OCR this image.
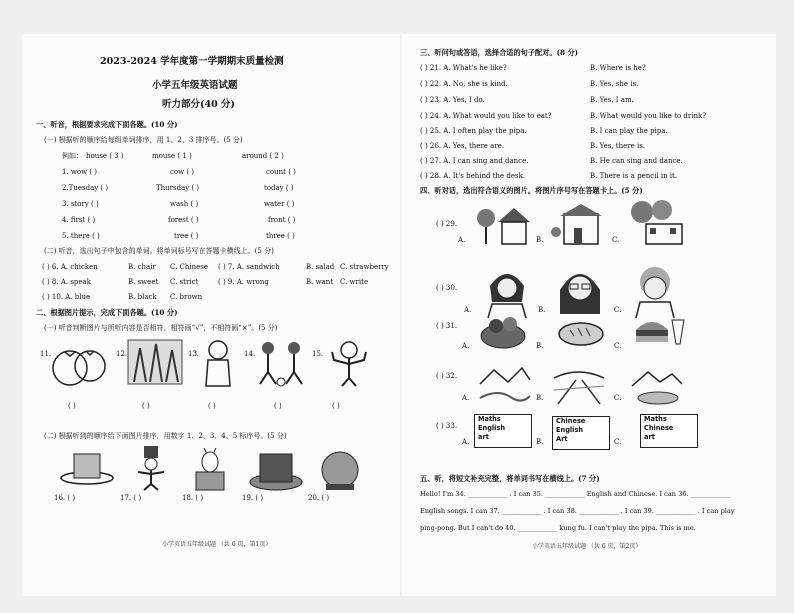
2023-2024 学年度第一学期期末质量检测
小学五年级英语试题
听力部分(40 分)
一、听音，根据要求完成下面各题。(10 分)
(一) 根据听的顺序给每组单词排序，用 1、2、3 排序号。(5 分)
例如： house ( 3 )	mouse ( 1 )	around ( 2 )
1. wow ( )	cow ( )	count ( )
2.Tuesday ( )	Thursday ( )	today ( )
3. story ( )	wash ( )	water ( )
4. first ( )	forest ( )	front ( )
5. there ( )	tree ( )	three ( )
(二) 听音，选出句子中包含的单词。将单词标号写在答题卡横线上。(5 分)
( ) 6. A. chicken	B. chair C. Chinese ( ) 7. A. sandwich	B. salad C. strawberry
( ) 8. A. speak	B. sweet C. strict	( ) 9. A. wrong	B. want C. write
( ) 10. A. blue	B. black C. brown
二、根据图片提示，完成下面各题。(10 分)
(一) 听音判断图片与所听内容是否相符，相符画“√”，不相符画“×”。(5 分)
11.
( )
12.
( )
13.
( )
14.
( )
15.
( )
(二) 根据听到的顺序给下面图片排序，用数字 1、2、3、4、5 标序号。(5 分)
16. ( )	17. ( )	18. ( )	19. ( )	20. ( )
小学英语五年级试题 （共 6 页，第1页）
三、听问句或答语，选择合适的句子配对。(8 分)
( ) 21. A. What's he like?	B. Where is he?
( ) 22. A. No, she is kind.	B. Yes, she is.
( ) 23. A. Yes, I do.	B. Yes, I am.
( ) 24. A. What would you like to eat?	B. What would you like to drink?
( ) 25. A. I often play the pipa.	B. I can play the pipa.
( ) 26. A. Yes, there are.	B. Yes, there is.
( ) 27. A. I can sing and dance.	B. He can sing and dance.
( ) 28. A. It's behind the desk.	B. There is a pencil in it.
四、听对话，选出符合语义的图片。将图片序号写在答题卡上。(5 分)
( ) 29.
A.	B.	C.
( ) 30.
A.	B.	C.
( ) 31.
A.	B.	C.
( ) 32.
A.	B.	C.
( ) 33.
A.
Maths
English
art
B.
Chinese
English
Art	C.
Maths
Chinese
art
五、听，将短文补充完整，将单词书写在横线上。(7 分)
Hello! I'm 34. ____________ . I can 35. ____________ English and Chinese. I can 36. ____________
English songs. I can 37. ____________ . I can 38. ____________ . I can 39. ____________ . I can play
ping-pong. But I can't do 40. ____________ kung fu. I can't play the pipa. This is me.
小学英语五年级试题 （共 6 页，第2页）
